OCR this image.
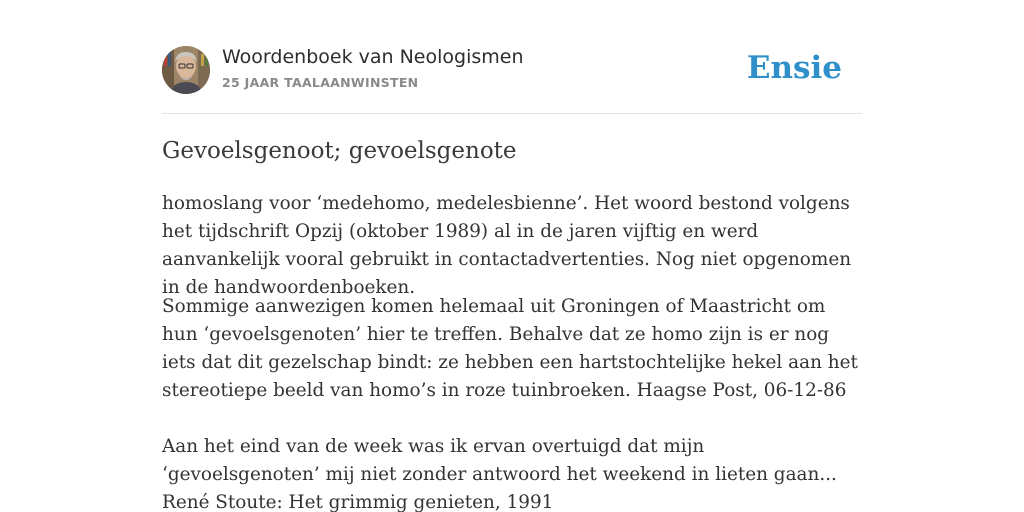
Woordenboek van Neologismen
25 JAAR TAALAANWINSTEN	Ensie
Gevoelsgenoot; gevoelsgenote

homoslang voor ‘medehomo, medelesbienne’. Het woord bestond volgens het tijdschrift Opzij (oktober 1989) al in de jaren vijftig en werd aanvankelijk vooral gebruikt in contactadvertenties. Nog niet opgenomen in de handwoordenboeken.

Sommige aanwezigen komen helemaal uit Groningen of Maastricht om hun ‘gevoelsgenoten’ hier te treffen. Behalve dat ze homo zijn is er nog iets dat dit gezelschap bindt: ze hebben een hartstochtelijke hekel aan het stereotiepe beeld van homo’s in roze tuinbroeken. Haagse Post, 06-12-86

Aan het eind van de week was ik ervan overtuigd dat mijn ‘gevoelsgenoten’ mij niet zonder antwoord het weekend in lieten gaan... René Stoute: Het grimmig genieten, 1991
